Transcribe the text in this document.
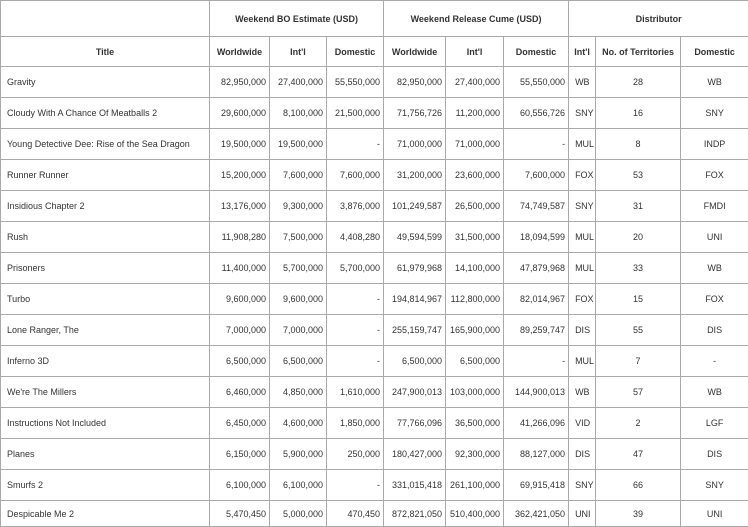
	Weekend BO Estimate (USD)			Weekend Release Cume (USD)			Distributor		
Title	Worldwide	Int'l	Domestic	Worldwide	Int'l	Domestic	Int'l	No. of Territories	Domestic
Gravity	82,950,000	27,400,000	55,550,000	82,950,000	27,400,000	55,550,000	WB	28	WB
Cloudy With A Chance Of Meatballs 2	29,600,000	8,100,000	21,500,000	71,756,726	11,200,000	60,556,726	SNY	16	SNY
Young Detective Dee: Rise of the Sea Dragon	19,500,000	19,500,000	-	71,000,000	71,000,000	-	MUL	8	INDP
Runner Runner	15,200,000	7,600,000	7,600,000	31,200,000	23,600,000	7,600,000	FOX	53	FOX
Insidious Chapter 2	13,176,000	9,300,000	3,876,000	101,249,587	26,500,000	74,749,587	SNY	31	FMDI
Rush	11,908,280	7,500,000	4,408,280	49,594,599	31,500,000	18,094,599	MUL	20	UNI
Prisoners	11,400,000	5,700,000	5,700,000	61,979,968	14,100,000	47,879,968	MUL	33	WB
Turbo	9,600,000	9,600,000	-	194,814,967	112,800,000	82,014,967	FOX	15	FOX
Lone Ranger, The	7,000,000	7,000,000	-	255,159,747	165,900,000	89,259,747	DIS	55	DIS
Inferno 3D	6,500,000	6,500,000	-	6,500,000	6,500,000	-	MUL	7	-
We're The Millers	6,460,000	4,850,000	1,610,000	247,900,013	103,000,000	144,900,013	WB	57	WB
Instructions Not Included	6,450,000	4,600,000	1,850,000	77,766,096	36,500,000	41,266,096	VID	2	LGF
Planes	6,150,000	5,900,000	250,000	180,427,000	92,300,000	88,127,000	DIS	47	DIS
Smurfs 2	6,100,000	6,100,000	-	331,015,418	261,100,000	69,915,418	SNY	66	SNY
Despicable Me 2	5,470,450	5,000,000	470,450	872,821,050	510,400,000	362,421,050	UNI	39	UNI
